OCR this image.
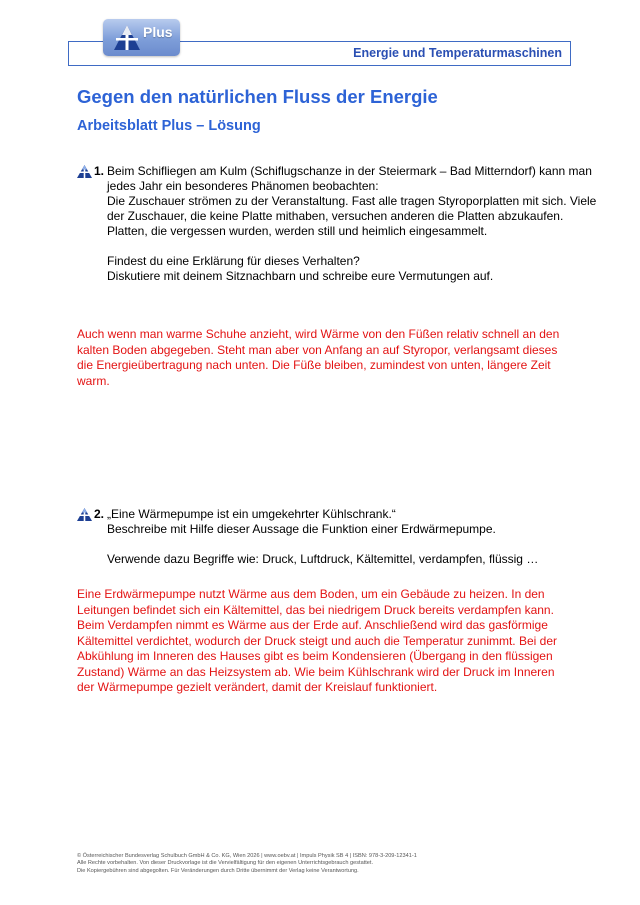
Energie und Temperaturmaschinen
Plus
Gegen den natürlichen Fluss der Energie
Arbeitsblatt Plus – Lösung
1. Beim Schifliegen am Kulm (Schiflugschanze in der Steiermark – Bad Mitterndorf) kann man jedes Jahr ein besonderes Phänomen beobachten:

Die Zuschauer strömen zu der Veranstaltung. Fast alle tragen Styroporplatten mit sich. Viele der Zuschauer, die keine Platte mithaben, versuchen anderen die Platten abzukaufen. Platten, die vergessen wurden, werden still und heimlich eingesammelt.

Findest du eine Erklärung für dieses Verhalten?

Diskutiere mit deinem Sitznachbarn und schreibe eure Vermutungen auf.

Auch wenn man warme Schuhe anzieht, wird Wärme von den Füßen relativ schnell an den kalten Boden abgegeben. Steht man aber von Anfang an auf Styropor, verlangsamt dieses die Energieübertragung nach unten. Die Füße bleiben, zumindest von unten, längere Zeit warm.

2. „Eine Wärmepumpe ist ein umgekehrter Kühlschrank.“

Beschreibe mit Hilfe dieser Aussage die Funktion einer Erdwärmepumpe.

Verwende dazu Begriffe wie: Druck, Luftdruck, Kältemittel, verdampfen, flüssig …

Eine Erdwärmepumpe nutzt Wärme aus dem Boden, um ein Gebäude zu heizen. In den Leitungen befindet sich ein Kältemittel, das bei niedrigem Druck bereits verdampfen kann. Beim Verdampfen nimmt es Wärme aus der Erde auf. Anschließend wird das gasförmige Kältemittel verdichtet, wodurch der Druck steigt und auch die Temperatur zunimmt. Bei der Abkühlung im Inneren des Hauses gibt es beim Kondensieren (Übergang in den flüssigen Zustand) Wärme an das Heizsystem ab. Wie beim Kühlschrank wird der Druck im Inneren der Wärmepumpe gezielt verändert, damit der Kreislauf funktioniert.

© Österreichischer Bundesverlag Schulbuch GmbH & Co. KG, Wien 2026 | www.oebv.at | Impuls Physik SB 4 | ISBN: 978-3-209-12341-1
Alle Rechte vorbehalten. Von dieser Druckvorlage ist die Vervielfältigung für den eigenen Unterrichtsgebrauch gestattet.
Die Kopiergebühren sind abgegolten. Für Veränderungen durch Dritte übernimmt der Verlag keine Verantwortung.
